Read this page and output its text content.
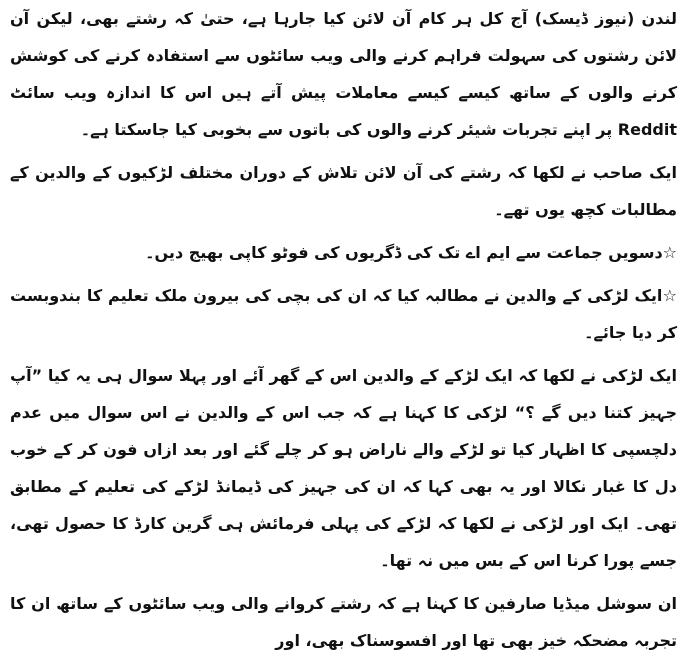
لندن (نیوز ڈیسک) آج کل ہر کام آن لائن کیا جارہا ہے، حتیٰ کہ رشتے بھی، لیکن آن لائن رشتوں کی سہولت فراہم کرنے والی ویب سائٹوں سے استفادہ کرنے کی کوشش کرنے والوں کے ساتھ کیسے کیسے معاملات پیش آتے ہیں اس کا اندازہ ویب سائٹ Reddit پر اپنے تجربات شیئر کرنے والوں کی باتوں سے بخوبی کیا جاسکتا ہے۔

ایک صاحب نے لکھا کہ رشتے کی آن لائن تلاش کے دوران مختلف لڑکیوں کے والدین کے مطالبات کچھ یوں تھے۔

☆دسویں جماعت سے ایم اے تک کی ڈگریوں کی فوٹو کاپی بھیج دیں۔

☆ایک لڑکی کے والدین نے مطالبہ کیا کہ ان کی بچی کی بیرون ملک تعلیم کا بندوبست کر دیا جائے۔

ایک لڑکی نے لکھا کہ ایک لڑکے کے والدین اس کے گھر آئے اور پہلا سوال ہی یہ کیا ”آپ جہیز کتنا دیں گے ؟“ لڑکی کا کہنا ہے کہ جب اس کے والدین نے اس سوال میں عدم دلچسپی کا اظہار کیا تو لڑکے والے ناراض ہو کر چلے گئے اور بعد ازاں فون کر کے خوب دل کا غبار نکالا اور یہ بھی کہا کہ ان کی جہیز کی ڈیمانڈ لڑکے کی تعلیم کے مطابق تھی۔ ایک اور لڑکی نے لکھا کہ لڑکے کی پہلی فرمائش ہی گرین کارڈ کا حصول تھی، جسے پورا کرنا اس کے بس میں نہ تھا۔

ان سوشل میڈیا صارفین کا کہنا ہے کہ رشتے کروانے والی ویب سائٹوں کے ساتھ ان کا تجربہ مضحکہ خیز بھی تھا اور افسوسناک بھی، اور
